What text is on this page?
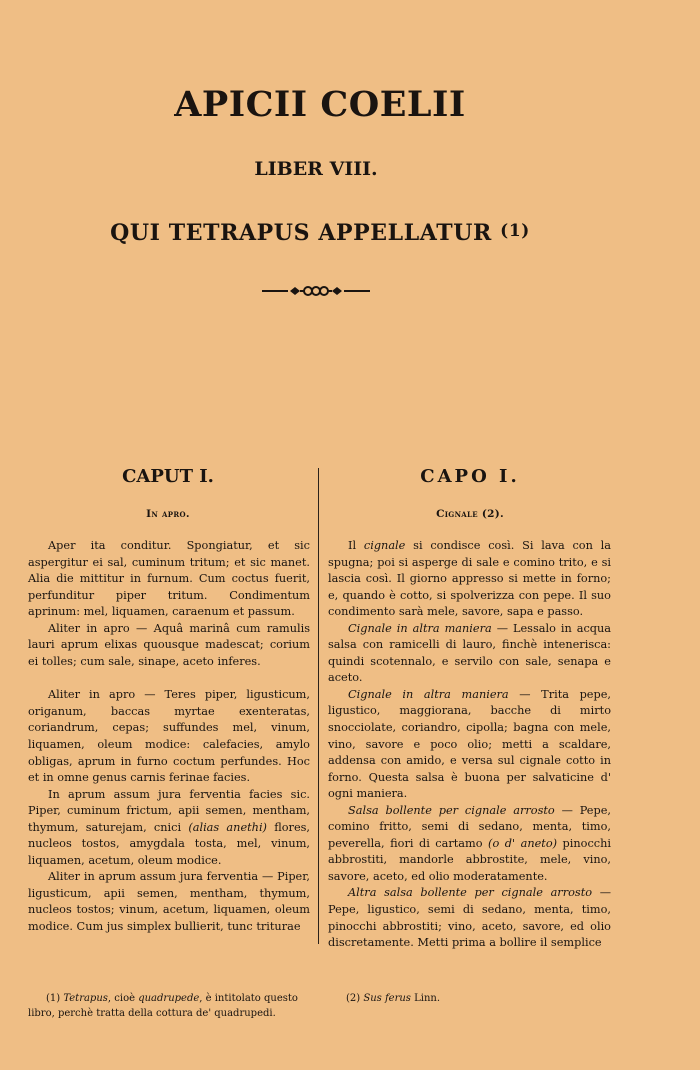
APICII COELII
LIBER VIII.
QUI TETRAPUS APPELLATUR $^{(1)}$
CAPUT I.
In apro.

Aper ita conditur. Spongiatur, et sic aspergitur ei sal, cuminum tritum; et sic manet. Alia die mittitur in furnum. Cum coctus fuerit, perfunditur piper tritum. Condimentum aprinum: mel, liquamen, caraenum et passum.

Aliter in apro — Aquâ marinâ cum ramulis lauri aprum elixas quousque madescat; corium ei tolles; cum sale, sinape, aceto inferes.

Aliter in apro — Teres piper, ligusticum, origanum, baccas myrtae exenteratas, coriandrum, cepas; suffundes mel, vinum, liquamen, oleum modice: calefacies, amylo obligas, aprum in furno coctum perfundes. Hoc et in omne genus carnis ferinae facies.

In aprum assum jura ferventia facies sic. Piper, cuminum frictum, apii semen, mentham, thymum, saturejam, cnici (alias anethi) flores, nucleos tostos, amygdala tosta, mel, vinum, liquamen, acetum, oleum modice.

Aliter in aprum assum jura ferventia — Piper, ligusticum, apii semen, mentham, thymum, nucleos tostos; vinum, acetum, liquamen, oleum modice. Cum jus simplex bullierit, tunc triturae

CAPO I.
Cignale (2).

Il cignale si condisce così. Si lava con la spugna; poi si asperge di sale e comino trito, e si lascia così. Il giorno appresso si mette in forno; e, quando è cotto, si spolverizza con pepe. Il suo condimento sarà mele, savore, sapa e passo.

Cignale in altra maniera — Lessalo in acqua salsa con ramicelli di lauro, finchè intenerisca: quindi scotennalo, e servilo con sale, senapa e aceto.

Cignale in altra maniera — Trita pepe, ligustico, maggiorana, bacche di mirto snocciolate, coriandro, cipolla; bagna con mele, vino, savore e poco olio; metti a scaldare, addensa con amido, e versa sul cignale cotto in forno. Questa salsa è buona per salvaticine d' ogni maniera.

Salsa bollente per cignale arrosto — Pepe, comino fritto, semi di sedano, menta, timo, peverella, fiori di cartamo (o d' aneto) pinocchi abbrostiti, mandorle abbrostite, mele, vino, savore, aceto, ed olio moderatamente.

Altra salsa bollente per cignale arrosto — Pepe, ligustico, semi di sedano, menta, timo, pinocchi abbrostiti; vino, aceto, savore, ed olio discretamente. Metti prima a bollire il semplice

(1) Tetrapus, cioè quadrupede, è intitolato questo libro, perchè tratta della cottura de' quadrupedi.
(2) Sus ferus Linn.
